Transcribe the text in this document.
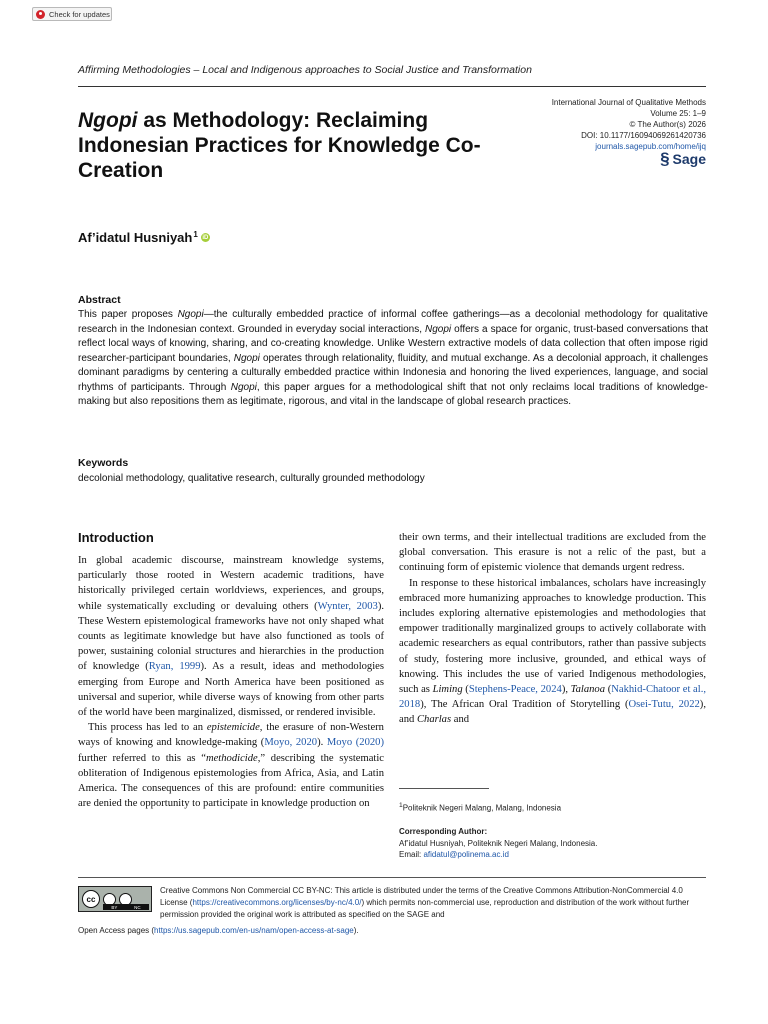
Check for updates
Affirming Methodologies – Local and Indigenous approaches to Social Justice and Transformation
International Journal of Qualitative Methods
Volume 25: 1–9
© The Author(s) 2026
DOI: 10.1177/16094069261420736
journals.sagepub.com/home/ijq
§ Sage
Ngopi as Methodology: Reclaiming Indonesian Practices for Knowledge Co-Creation
Af’idatul Husniyah$^1$ iD
Abstract
This paper proposes Ngopi—the culturally embedded practice of informal coffee gatherings—as a decolonial methodology for qualitative research in the Indonesian context. Grounded in everyday social interactions, Ngopi offers a space for organic, trust-based conversations that reflect local ways of knowing, sharing, and co-creating knowledge. Unlike Western extractive models of data collection that often impose rigid researcher-participant boundaries, Ngopi operates through relationality, fluidity, and mutual exchange. As a decolonial approach, it challenges dominant paradigms by centering a culturally embedded practice within Indonesia and honoring the lived experiences, language, and social rhythms of participants. Through Ngopi, this paper argues for a methodological shift that not only reclaims local traditions of knowledge-making but also repositions them as legitimate, rigorous, and vital in the landscape of global research practices.
Keywords
decolonial methodology, qualitative research, culturally grounded methodology
Introduction

In global academic discourse, mainstream knowledge systems, particularly those rooted in Western academic traditions, have historically privileged certain worldviews, experiences, and groups, while systematically excluding or devaluing others (Wynter, 2003). These Western epistemological frameworks have not only shaped what counts as legitimate knowledge but have also functioned as tools of power, sustaining colonial structures and hierarchies in the production of knowledge (Ryan, 1999). As a result, ideas and methodologies emerging from Europe and North America have been positioned as universal and superior, while diverse ways of knowing from other parts of the world have been marginalized, dismissed, or rendered invisible.

This process has led to an epistemicide, the erasure of non-Western ways of knowing and knowledge-making (Moyo, 2020). Moyo (2020) further referred to this as “methodicide,” describing the systematic obliteration of Indigenous epistemologies from Africa, Asia, and Latin America. The consequences of this are profound: entire communities are denied the opportunity to participate in knowledge production on

their own terms, and their intellectual traditions are excluded from the global conversation. This erasure is not a relic of the past, but a continuing form of epistemic violence that demands urgent redress.

In response to these historical imbalances, scholars have increasingly embraced more humanizing approaches to knowledge production. This includes exploring alternative epistemologies and methodologies that empower traditionally marginalized groups to actively collaborate with academic researchers as equal contributors, rather than passive subjects of study, fostering more inclusive, grounded, and ethical ways of knowing. This includes the use of varied Indigenous methodologies, such as Liming (Stephens-Peace, 2024), Talanoa (Nakhid-Chatoor et al., 2018), The African Oral Tradition of Storytelling (Osei-Tutu, 2022), and Charlas and

$^1$Politeknik Negeri Malang, Malang, Indonesia
Corresponding Author:
Af’idatul Husniyah, Politeknik Negeri Malang, Indonesia.
Email: afidatul@polinema.ac.id
cc
BY	NC
Creative Commons Non Commercial CC BY-NC: This article is distributed under the terms of the Creative Commons Attribution-NonCommercial 4.0 License (https://creativecommons.org/licenses/by-nc/4.0/) which permits non-commercial use, reproduction and distribution of the work without further permission provided the original work is attributed as specified on the SAGE and
Open Access pages (https://us.sagepub.com/en-us/nam/open-access-at-sage).
